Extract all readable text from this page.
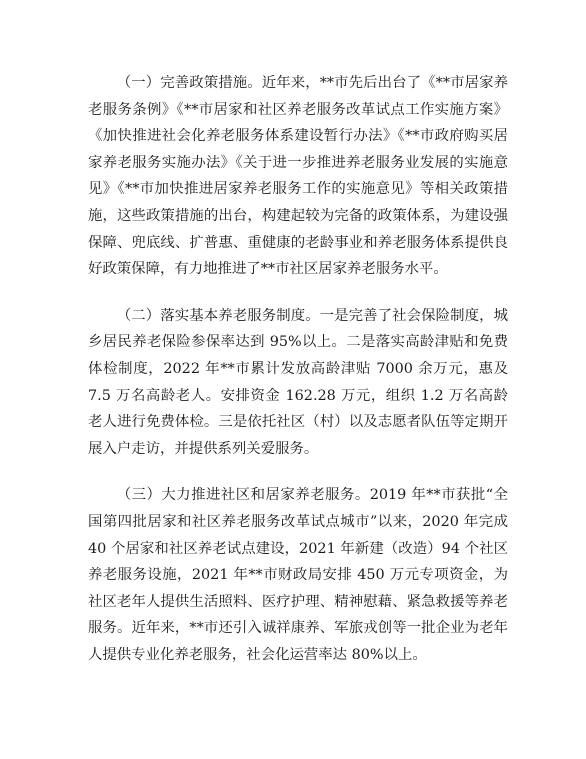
（一）完善政策措施。近年来，**市先后出台了《**市居家养老服务条例》《**市居家和社区养老服务改革试点工作实施方案》《加快推进社会化养老服务体系建设暂行办法》《**市政府购买居家养老服务实施办法》《关于进一步推进养老服务业发展的实施意见》《**市加快推进居家养老服务工作的实施意见》等相关政策措施，这些政策措施的出台，构建起较为完备的政策体系，为建设强保障、兜底线、扩普惠、重健康的老龄事业和养老服务体系提供良好政策保障，有力地推进了**市社区居家养老服务水平。

（二）落实基本养老服务制度。一是完善了社会保险制度，城乡居民养老保险参保率达到 95%以上。二是落实高龄津贴和免费体检制度，2022 年**市累计发放高龄津贴 7000 余万元，惠及 7.5 万名高龄老人。安排资金 162.28 万元，组织 1.2 万名高龄老人进行免费体检。三是依托社区（村）以及志愿者队伍等定期开展入户走访，并提供系列关爱服务。

（三）大力推进社区和居家养老服务。2019 年**市获批“全国第四批居家和社区养老服务改革试点城市”以来，2020 年完成 40 个居家和社区养老试点建设，2021 年新建（改造）94 个社区养老服务设施，2021 年**市财政局安排 450 万元专项资金，为社区老年人提供生活照料、医疗护理、精神慰藉、紧急救援等养老服务。近年来，**市还引入诚祥康养、军旅戎创等一批企业为老年人提供专业化养老服务，社会化运营率达 80%以上。
